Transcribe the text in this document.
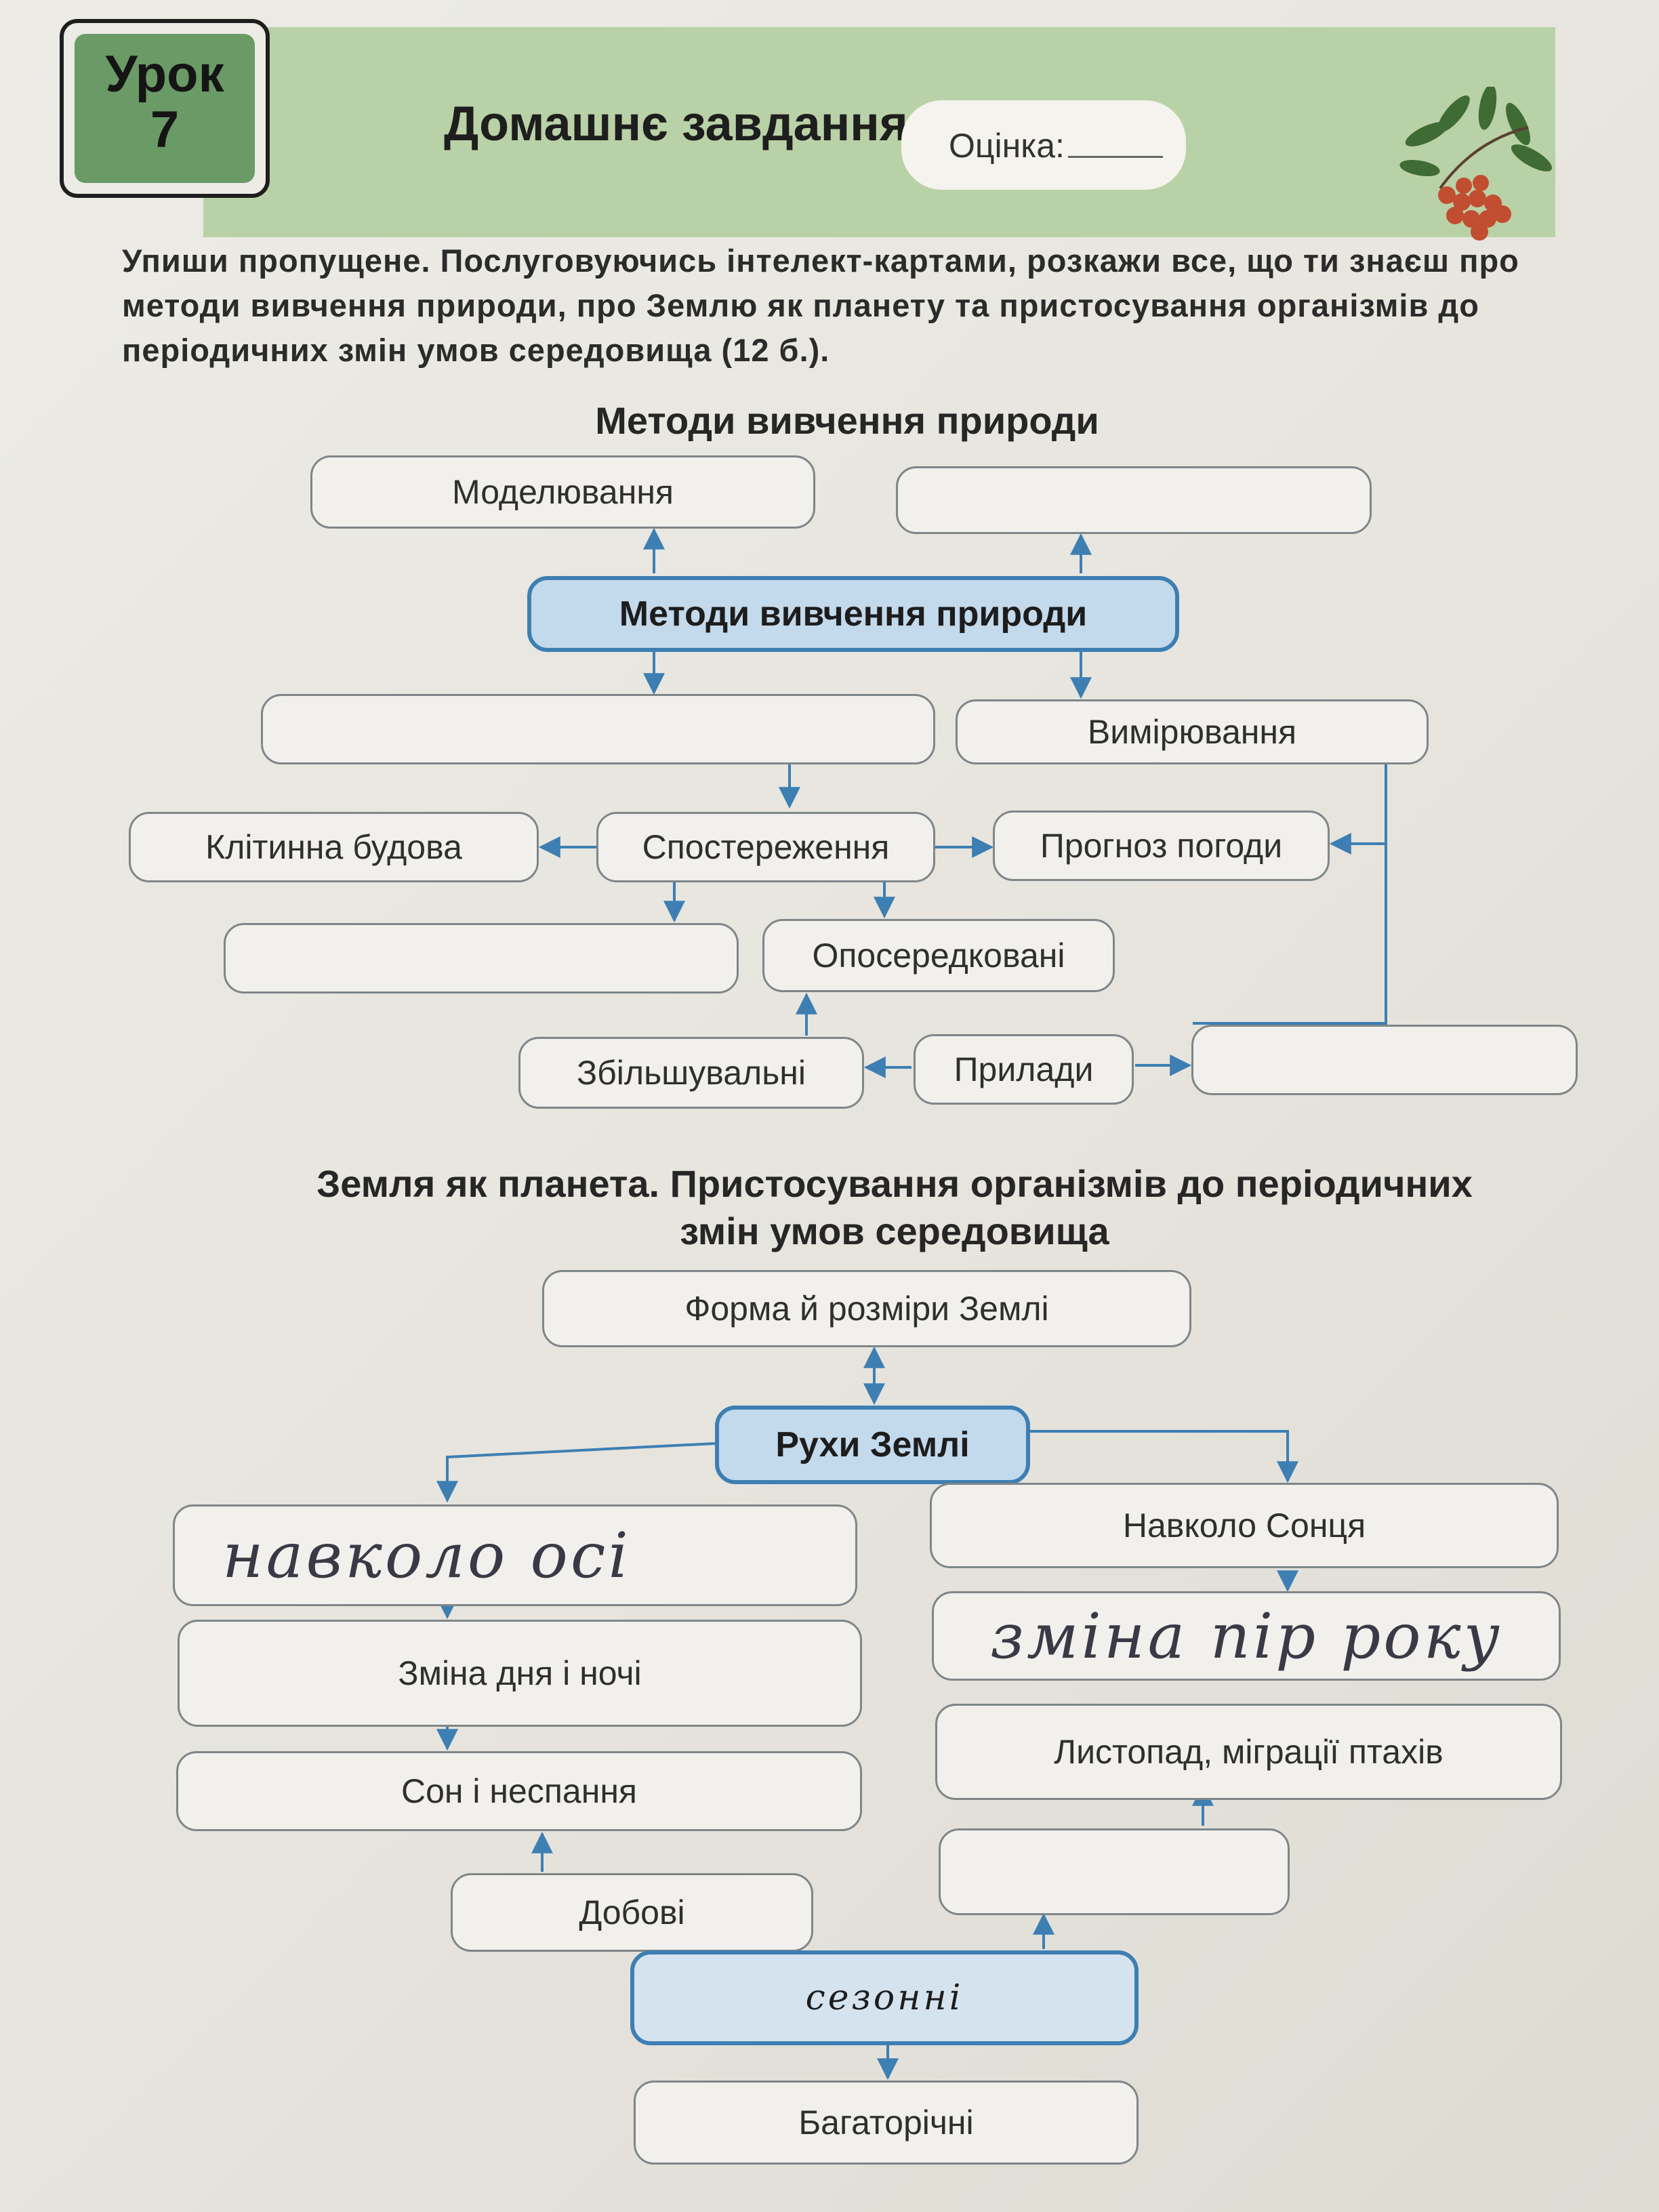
Урок
7	Домашнє завдання Оцінка:
Упиши пропущене. Послуговуючись інтелект-картами, розкажи все, що ти знаєш про методи вивчення природи, про Землю як планету та пристосування організмів до періодичних змін умов середовища (12 б.).
Методи вивчення природи
Моделювання
Методи вивчення природи
Вимірювання
Клітинна будова	Спостереження	Прогноз погоди
Опосередковані
Збільшувальні	Прилади
Земля як планета. Пристосування організмів до періодичних змін умов середовища
Форма й розміри Землі
Рухи Землі
навколо осі	Навколо Сонця
Зміна дня і ночі
зміна пір року
Сон і неспання
Листопад, міграції птахів
Добові
сезонні
Багаторічні
